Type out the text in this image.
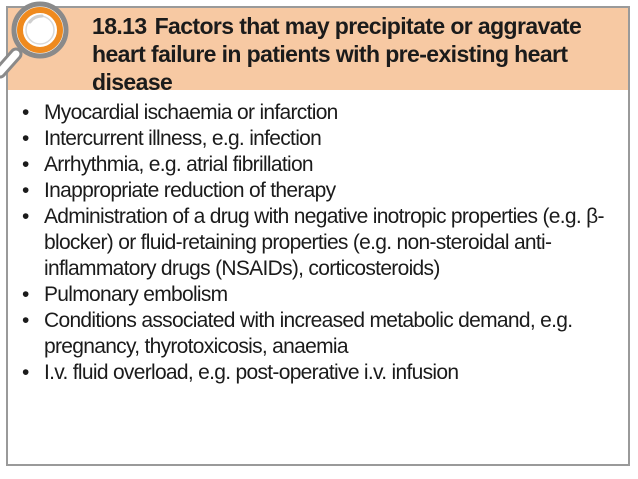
18.13 Factors that may precipitate or aggravate heart failure in patients with pre-existing heart disease
• Myocardial ischaemia or infarction
• Intercurrent illness, e.g. infection
• Arrhythmia, e.g. atrial fibrillation
• Inappropriate reduction of therapy
• Administration of a drug with negative inotropic properties (e.g. β-blocker) or fluid-retaining properties (e.g. non-steroidal anti-inflammatory drugs (NSAIDs), corticosteroids)
• Pulmonary embolism
• Conditions associated with increased metabolic demand, e.g. pregnancy, thyrotoxicosis, anaemia
• I.v. fluid overload, e.g. post-operative i.v. infusion
